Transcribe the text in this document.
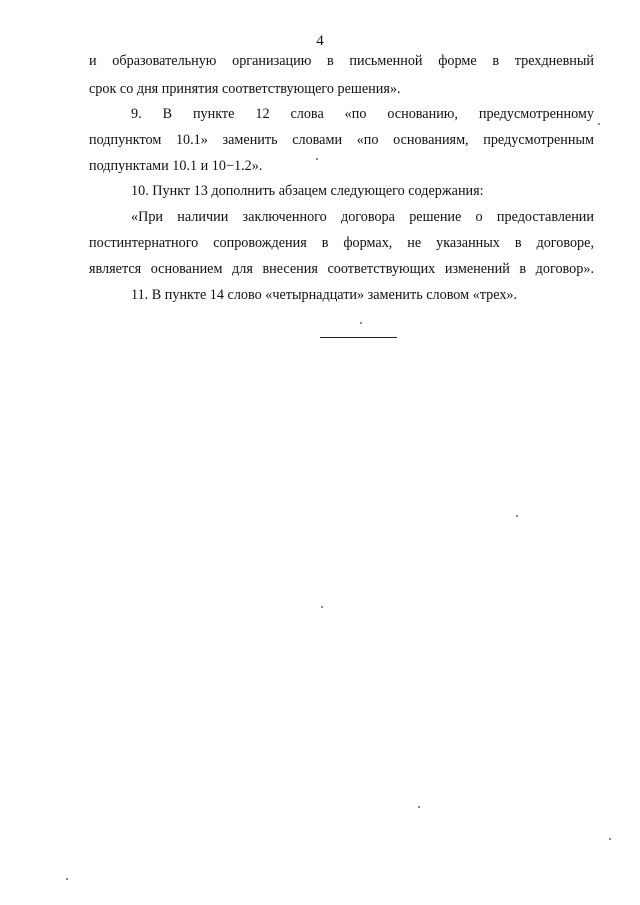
4
и образовательную организацию в письменной форме в трехдневный
срок со дня принятия соответствующего решения».
9. В пункте 12 слова «по основанию, предусмотренному
подпунктом 10.1» заменить словами «по основаниям, предусмотренным
подпунктами 10.1 и 10−1.2».
10. Пункт 13 дополнить абзацем следующего содержания:
«При наличии заключенного договора решение о предоставлении
постинтернатного сопровождения в формах, не указанных в договоре,
является основанием для внесения соответствующих изменений в договор».
11. В пункте 14 слово «четырнадцати» заменить словом «трех».
